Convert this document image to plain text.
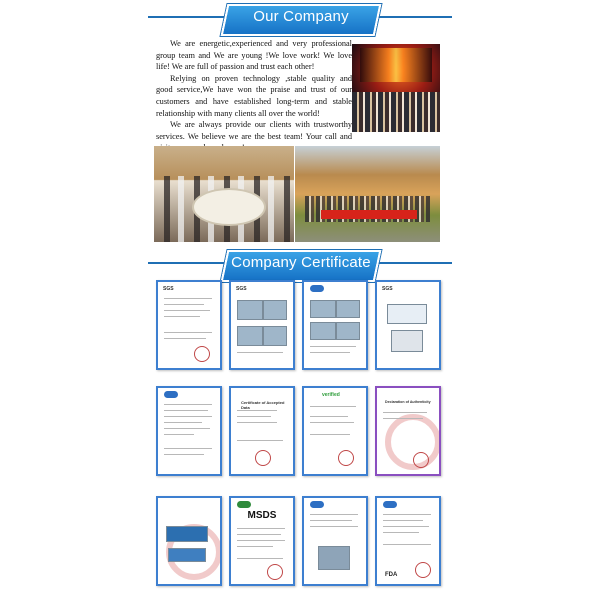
· · · · · ·	· · · · · ·
Our Company

We are energetic,experienced and very professional group team and We are young !We love work! We love life! We are full of passion and trust each other!

Relying on proven technology ,stable quality and good service,We have won the praise and trust of our customers and have established long-term and stable relationship with many clients all over the world!

We are always provide our clients with trustworthy services. We believe we are the best team! Your call and

· · · · · ·	· · · · · ·
Company Certificate
SGS	SGS	SGS
Certificate of Accepted Data
verified
Declaration of Authenticity
MSDS
FDA
